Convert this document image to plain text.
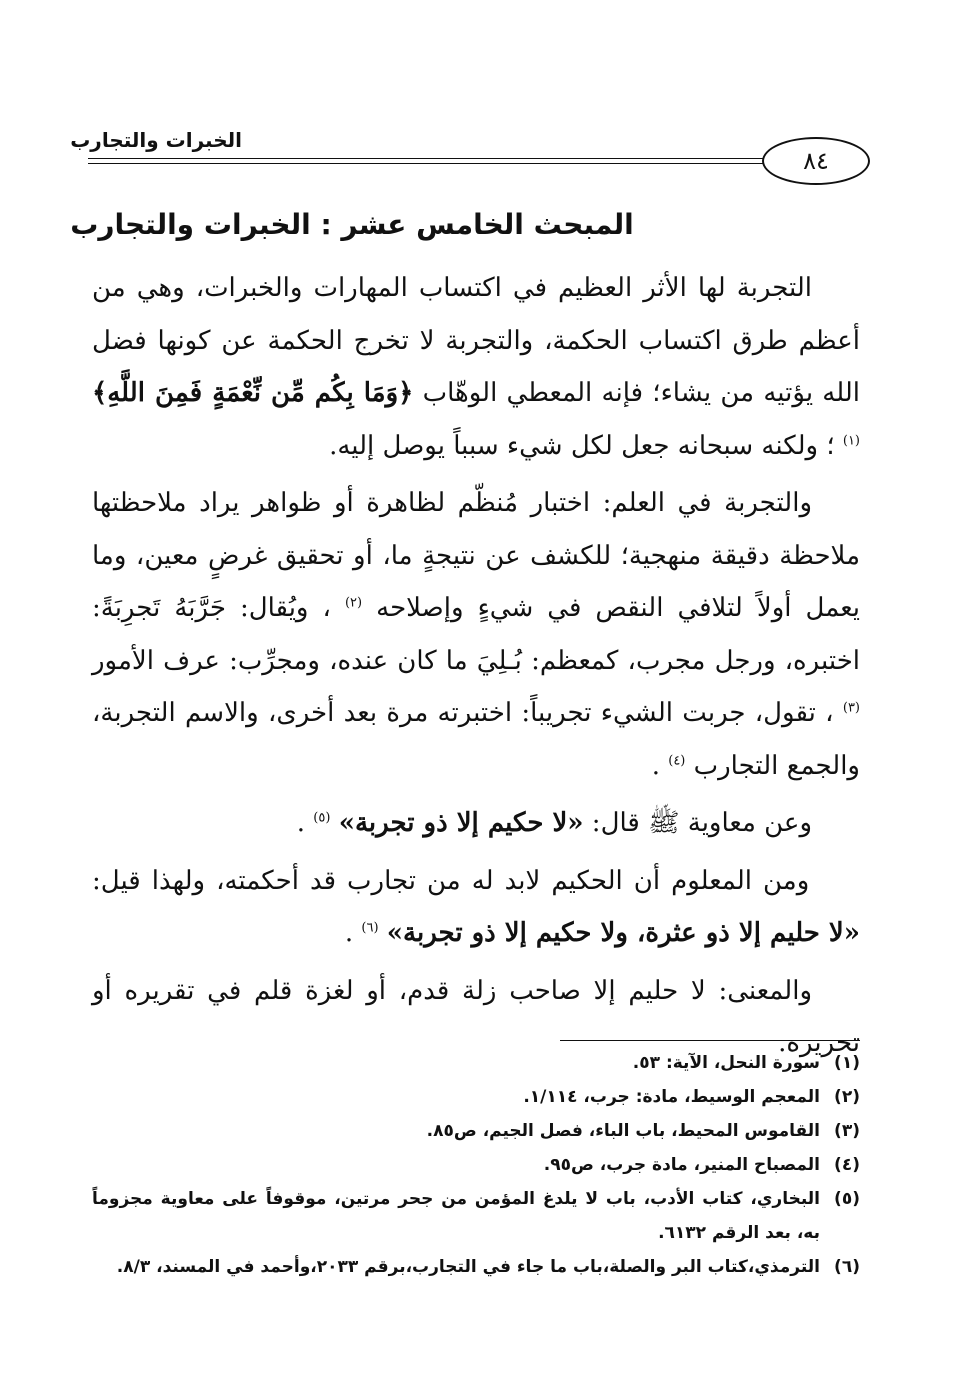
الخبرات والتجارب
٨٤
المبحث الخامس عشر : الخبرات والتجارب

التجربة لها الأثر العظيم في اكتساب المهارات والخبرات، وهي من أعظم طرق اكتساب الحكمة، والتجربة لا تخرج الحكمة عن كونها فضل الله يؤتيه من يشاء؛ فإنه المعطي الوهّاب ﴿وَمَا بِكُم مِّن نِّعْمَةٍ فَمِنَ اللَّهِ﴾ $^{(١)}$ ؛ ولكنه سبحانه جعل لكل شيء سبباً يوصل إليه.

والتجربة في العلم: اختبار مُنظّم لظاهرة أو ظواهر يراد ملاحظتها ملاحظة دقيقة منهجية؛ للكشف عن نتيجةٍ ما، أو تحقيق غرضٍ معين، وما يعمل أولاً لتلافي النقص في شيءٍ وإصلاحه $^{(٢)}$ ، ويُقال: جَرَّبَهُ تَجرِبَةً: اختبره، ورجل مجرب، كمعظم: بُـلِيَ ما كان عنده، ومجرِّب: عرف الأمور $^{(٣)}$ ، تقول، جربت الشيء تجريباً: اختبرته مرة بعد أخرى، والاسم التجربة، والجمع التجارب $^{(٤)}$ .

وعن معاوية ﷺ قال: «لا حكيم إلا ذو تجربة» $^{(٥)}$ .

ومن المعلوم أن الحكيم لابد له من تجارب قد أحكمته، ولهذا قيل: «لا حليم إلا ذو عثرة، ولا حكيم إلا ذو تجربة» $^{(٦)}$ .

والمعنى: لا حليم إلا صاحب زلة قدم، أو لغزة قلم في تقريره أو تحريره.

(١)
سورة النحل، الآية: ٥٣.
(٢)
المعجم الوسيط، مادة: جرب، ١/١١٤.
(٣)
القاموس المحيط، باب الباء، فصل الجيم، ص٨٥.
(٤)
المصباح المنير، مادة جرب، ص٩٥.
(٥)
البخاري، كتاب الأدب، باب لا يلدغ المؤمن من جحر مرتين، موقوفاً على معاوية مجزوماً به، بعد الرقم ٦١٣٢.
(٦)
الترمذي،كتاب البر والصلة،باب ما جاء في التجارب،برقم ٢٠٣٣،وأحمد في المسند، ٨/٣.
